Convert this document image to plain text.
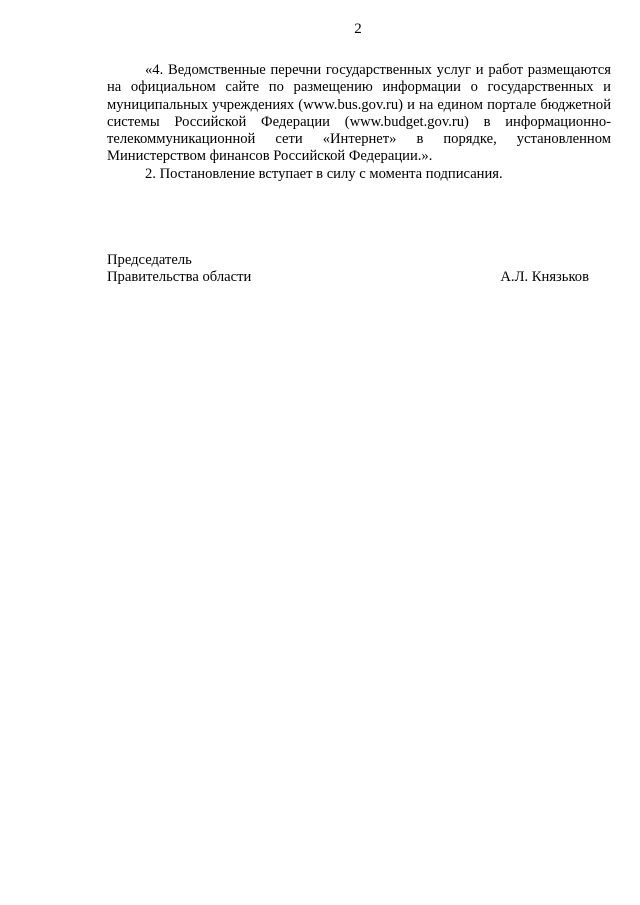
2

«4. Ведомственные перечни государственных услуг и работ размещаются на официальном сайте по размещению информации о государственных и муниципальных учреждениях (www.bus.gov.ru) и на едином портале бюджетной системы Российской Федерации (www.budget.gov.ru) в информационно-телекоммуникационной сети «Интернет» в порядке, установленном Министерством финансов Российской Федерации.».

2. Постановление вступает в силу с момента подписания.

Председатель
Правительства области	А.Л. Князьков
